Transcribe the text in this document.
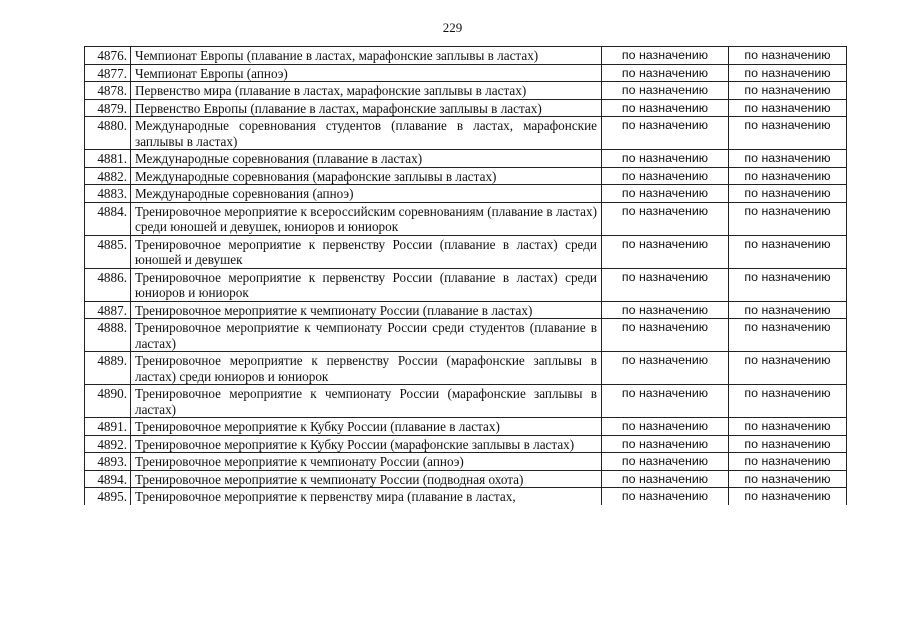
229
4876.	Чемпионат Европы (плавание в ластах, марафонские заплывы в ластах)	по назначению	по назначению
4877.	Чемпионат Европы (апноэ)	по назначению	по назначению
4878.	Первенство мира (плавание в ластах, марафонские заплывы в ластах)	по назначению	по назначению
4879.	Первенство Европы (плавание в ластах, марафонские заплывы в ластах)	по назначению	по назначению
4880.	Международные соревнования студентов (плавание в ластах, марафонские заплывы в ластах)	по назначению	по назначению
4881.	Международные соревнования (плавание в ластах)	по назначению	по назначению
4882.	Международные соревнования (марафонские заплывы в ластах)	по назначению	по назначению
4883.	Международные соревнования (апноэ)	по назначению	по назначению
4884.	Тренировочное мероприятие к всероссийским соревнованиям (плавание в ластах) среди юношей и девушек, юниоров и юниорок	по назначению	по назначению
4885.	Тренировочное мероприятие к первенству России (плавание в ластах) среди юношей и девушек	по назначению	по назначению
4886.	Тренировочное мероприятие к первенству России (плавание в ластах) среди юниоров и юниорок	по назначению	по назначению
4887.	Тренировочное мероприятие к чемпионату России (плавание в ластах)	по назначению	по назначению
4888.	Тренировочное мероприятие к чемпионату России среди студентов (плавание в ластах)	по назначению	по назначению
4889.	Тренировочное мероприятие к первенству России (марафонские заплывы в ластах) среди юниоров и юниорок	по назначению	по назначению
4890.	Тренировочное мероприятие к чемпионату России (марафонские заплывы в ластах)	по назначению	по назначению
4891.	Тренировочное мероприятие к Кубку России (плавание в ластах)	по назначению	по назначению
4892.	Тренировочное мероприятие к Кубку России (марафонские заплывы в ластах)	по назначению	по назначению
4893.	Тренировочное мероприятие к чемпионату России (апноэ)	по назначению	по назначению
4894.	Тренировочное мероприятие к чемпионату России (подводная охота)	по назначению	по назначению
4895.	Тренировочное мероприятие к первенству мира (плавание в ластах,	по назначению	по назначению
